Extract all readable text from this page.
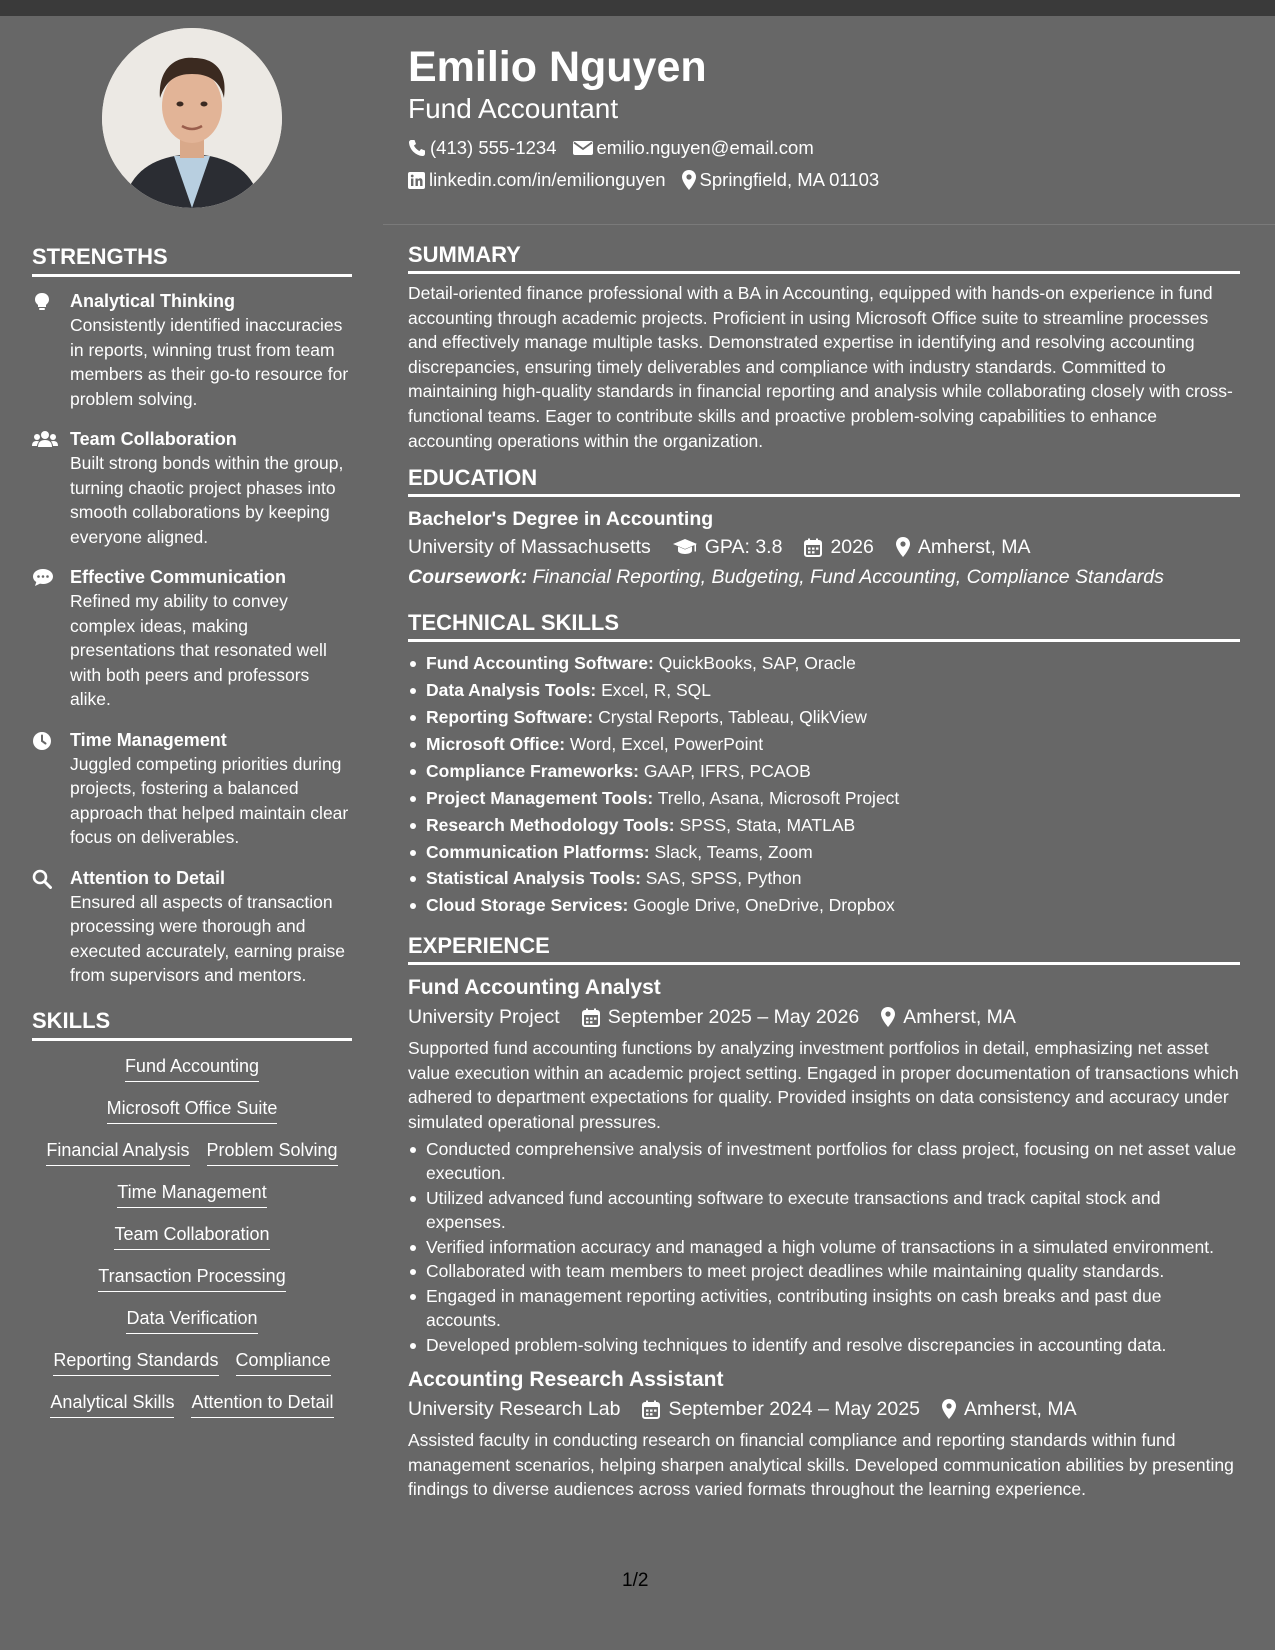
STRENGTHS
Analytical Thinking
Consistently identified inaccuracies in reports, winning trust from team members as their go-to resource for problem solving.
Team Collaboration
Built strong bonds within the group, turning chaotic project phases into smooth collaborations by keeping everyone aligned.
Effective Communication
Refined my ability to convey complex ideas, making presentations that resonated well with both peers and professors alike.
Time Management
Juggled competing priorities during projects, fostering a balanced approach that helped maintain clear focus on deliverables.
Attention to Detail
Ensured all aspects of transaction processing were thorough and executed accurately, earning praise from supervisors and mentors.
SKILLS
Fund Accounting
Microsoft Office Suite
Financial Analysis Problem Solving
Time Management
Team Collaboration
Transaction Processing
Data Verification
Reporting Standards Compliance
Analytical Skills Attention to Detail
Emilio Nguyen
Fund Accountant
(413) 555-1234 emilio.nguyen@email.com
linkedin.com/in/emilionguyen Springfield, MA 01103
SUMMARY
Detail-oriented finance professional with a BA in Accounting, equipped with hands-on experience in fund accounting through academic projects. Proficient in using Microsoft Office suite to streamline processes and effectively manage multiple tasks. Demonstrated expertise in identifying and resolving accounting discrepancies, ensuring timely deliverables and compliance with industry standards. Committed to maintaining high-quality standards in financial reporting and analysis while collaborating closely with cross-functional teams. Eager to contribute skills and proactive problem-solving capabilities to enhance accounting operations within the organization.
EDUCATION
Bachelor's Degree in Accounting
University of Massachusetts	GPA: 3.8 2026 Amherst, MA
Coursework: Financial Reporting, Budgeting, Fund Accounting, Compliance Standards
TECHNICAL SKILLS
Fund Accounting Software: QuickBooks, SAP, Oracle
Data Analysis Tools: Excel, R, SQL
Reporting Software: Crystal Reports, Tableau, QlikView
Microsoft Office: Word, Excel, PowerPoint
Compliance Frameworks: GAAP, IFRS, PCAOB
Project Management Tools: Trello, Asana, Microsoft Project
Research Methodology Tools: SPSS, Stata, MATLAB
Communication Platforms: Slack, Teams, Zoom
Statistical Analysis Tools: SAS, SPSS, Python
Cloud Storage Services: Google Drive, OneDrive, Dropbox
EXPERIENCE
Fund Accounting Analyst
University Project September 2025 – May 2026 Amherst, MA
Supported fund accounting functions by analyzing investment portfolios in detail, emphasizing net asset value execution within an academic project setting. Engaged in proper documentation of transactions which adhered to department expectations for quality. Provided insights on data consistency and accuracy under simulated operational pressures.
Conducted comprehensive analysis of investment portfolios for class project, focusing on net asset value execution.
Utilized advanced fund accounting software to execute transactions and track capital stock and expenses.
Verified information accuracy and managed a high volume of transactions in a simulated environment.
Collaborated with team members to meet project deadlines while maintaining quality standards.
Engaged in management reporting activities, contributing insights on cash breaks and past due accounts.
Developed problem-solving techniques to identify and resolve discrepancies in accounting data.
Accounting Research Assistant
University Research Lab September 2024 – May 2025 Amherst, MA
Assisted faculty in conducting research on financial compliance and reporting standards within fund management scenarios, helping sharpen analytical skills. Developed communication abilities by presenting findings to diverse audiences across varied formats throughout the learning experience.
1/2
